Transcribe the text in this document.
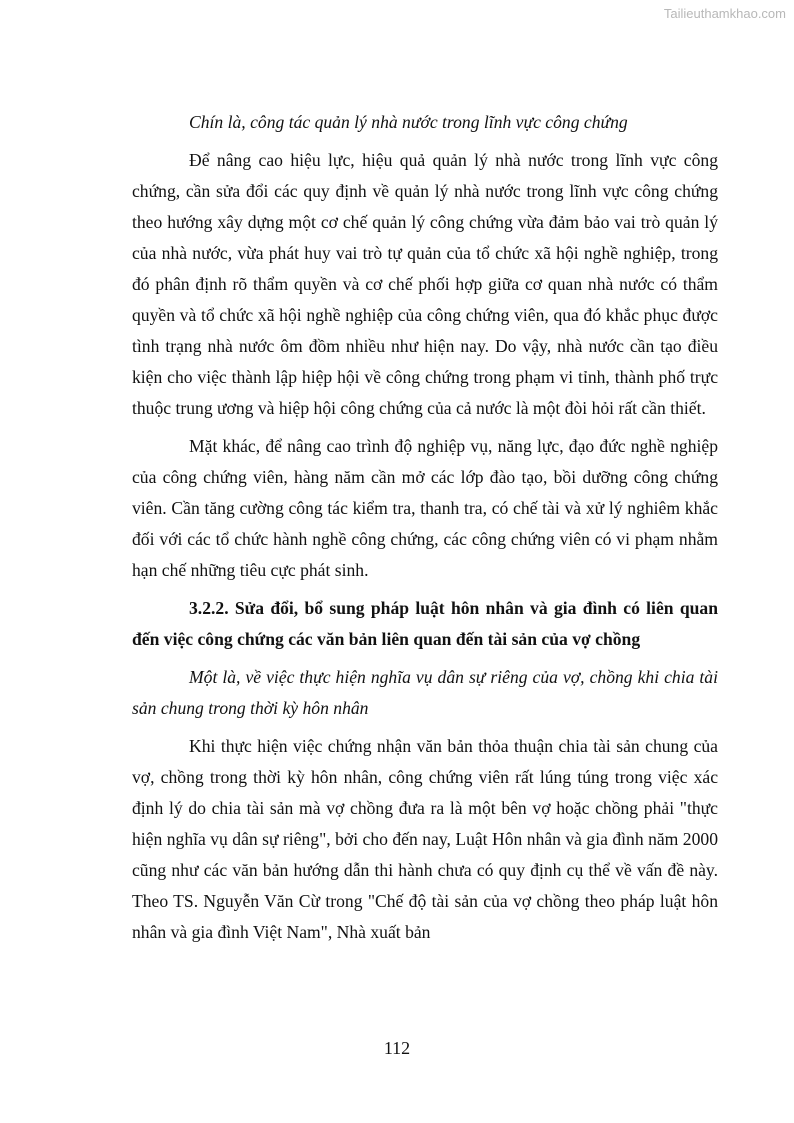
Tailieuthamkhao.com

Chín là, công tác quản lý nhà nước trong lĩnh vực công chứng

Để nâng cao hiệu lực, hiệu quả quản lý nhà nước trong lĩnh vực công chứng, cần sửa đổi các quy định về quản lý nhà nước trong lĩnh vực công chứng theo hướng xây dựng một cơ chế quản lý công chứng vừa đảm bảo vai trò quản lý của nhà nước, vừa phát huy vai trò tự quản của tổ chức xã hội nghề nghiệp, trong đó phân định rõ thẩm quyền và cơ chế phối hợp giữa cơ quan nhà nước có thẩm quyền và tổ chức xã hội nghề nghiệp của công chứng viên, qua đó khắc phục được tình trạng nhà nước ôm đồm nhiều như hiện nay. Do vậy, nhà nước cần tạo điều kiện cho việc thành lập hiệp hội về công chứng trong phạm vi tỉnh, thành phố trực thuộc trung ương và hiệp hội công chứng của cả nước là một đòi hỏi rất cần thiết.

Mặt khác, để nâng cao trình độ nghiệp vụ, năng lực, đạo đức nghề nghiệp của công chứng viên, hàng năm cần mở các lớp đào tạo, bồi dưỡng công chứng viên. Cần tăng cường công tác kiểm tra, thanh tra, có chế tài và xử lý nghiêm khắc đối với các tổ chức hành nghề công chứng, các công chứng viên có vi phạm nhằm hạn chế những tiêu cực phát sinh.

3.2.2. Sửa đổi, bổ sung pháp luật hôn nhân và gia đình có liên quan đến việc công chứng các văn bản liên quan đến tài sản của vợ chồng

Một là, về việc thực hiện nghĩa vụ dân sự riêng của vợ, chồng khi chia tài sản chung trong thời kỳ hôn nhân

Khi thực hiện việc chứng nhận văn bản thỏa thuận chia tài sản chung của vợ, chồng trong thời kỳ hôn nhân, công chứng viên rất lúng túng trong việc xác định lý do chia tài sản mà vợ chồng đưa ra là một bên vợ hoặc chồng phải "thực hiện nghĩa vụ dân sự riêng", bởi cho đến nay, Luật Hôn nhân và gia đình năm 2000 cũng như các văn bản hướng dẫn thi hành chưa có quy định cụ thể về vấn đề này. Theo TS. Nguyễn Văn Cừ trong "Chế độ tài sản của vợ chồng theo pháp luật hôn nhân và gia đình Việt Nam", Nhà xuất bản

112
